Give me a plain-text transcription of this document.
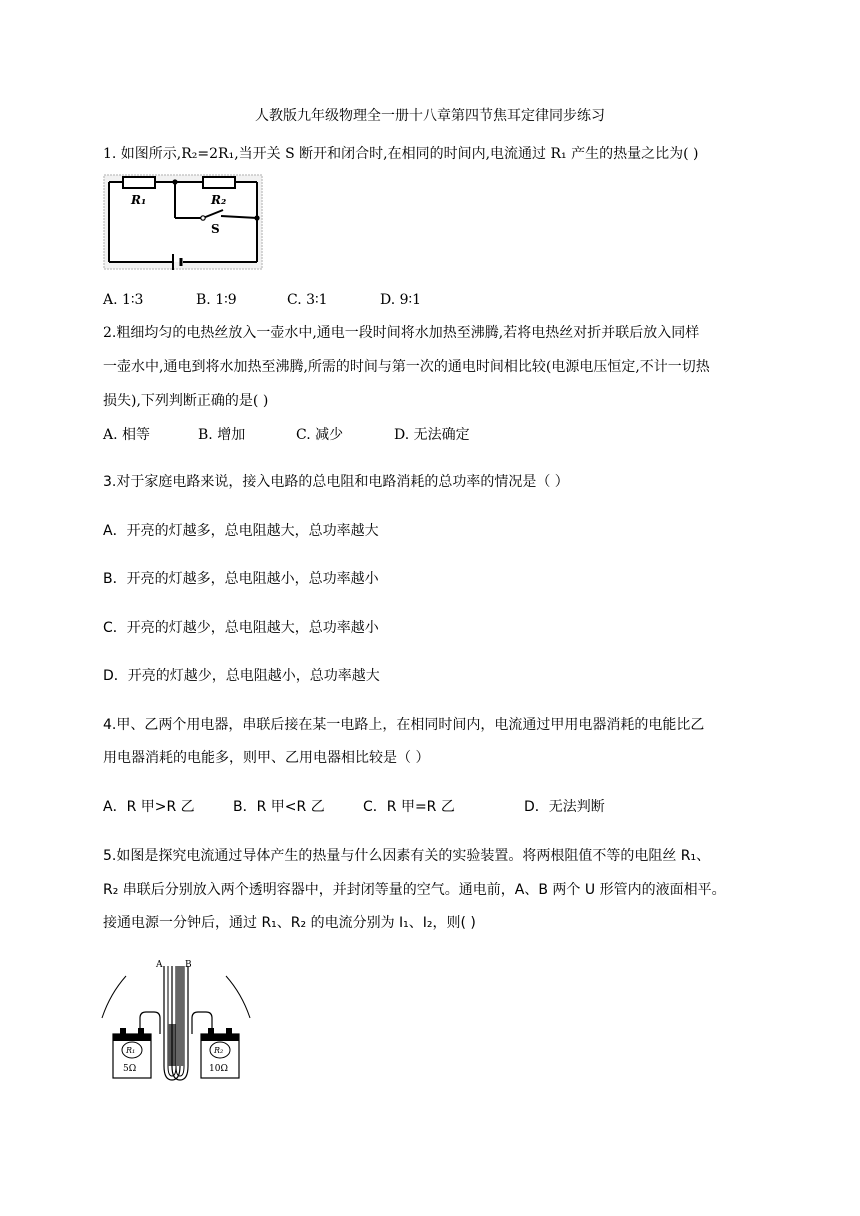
人教版九年级物理全一册十八章第四节焦耳定律同步练习
1. 如图所示,R₂=2R₁,当开关 S 断开和闭合时,在相同的时间内,电流通过 R₁ 产生的热量之比为( )
R₁	R₂
S
A. 1∶3	B. 1∶9	C. 3∶1	D. 9∶1
2.粗细均匀的电热丝放入一壶水中,通电一段时间将水加热至沸腾,若将电热丝对折并联后放入同样
一壶水中,通电到将水加热至沸腾,所需的时间与第一次的通电时间相比较(电源电压恒定,不计一切热
损失),下列判断正确的是( )
A. 相等	B. 增加	C. 减少	D. 无法确定
3.对于家庭电路来说，接入电路的总电阻和电路消耗的总功率的情况是（ ）
A．开亮的灯越多，总电阻越大，总功率越大
B．开亮的灯越多，总电阻越小，总功率越小
C．开亮的灯越少，总电阻越大，总功率越小
D．开亮的灯越少，总电阻越小，总功率越大
4.甲、乙两个用电器，串联后接在某一电路上，在相同时间内，电流通过甲用电器消耗的电能比乙
用电器消耗的电能多，则甲、乙用电器相比较是（ ）
A．R 甲>R 乙	B．R 甲<R 乙	C．R 甲=R 乙	D．无法判断
5.如图是探究电流通过导体产生的热量与什么因素有关的实验装置。将两根阻值不等的电阻丝 R₁、
R₂ 串联后分别放入两个透明容器中，并封闭等量的空气。通电前，A、B 两个 U 形管内的液面相平。
接通电源一分钟后，通过 R₁、R₂ 的电流分别为 I₁、I₂，则( )
R₁
5Ω
R₂
10Ω
A	B
